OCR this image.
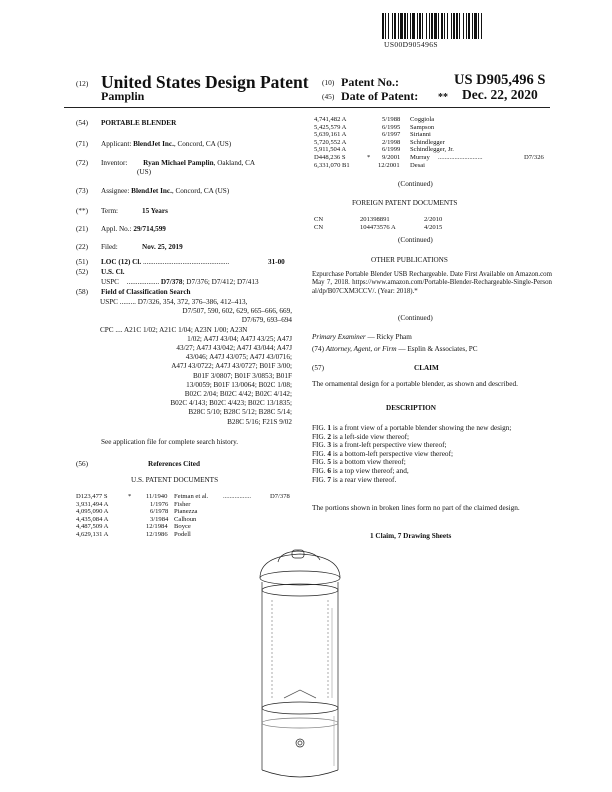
US00D905496S
(12) United States Design Patent
Pamplin
(10) Patent No.:	US D905,496 S
(45) Date of Patent: ** Dec. 22, 2020
(54) PORTABLE BLENDER
(71) Applicant: BlendJet Inc., Concord, CA (US)
(72) Inventor: Ryan Michael Pamplin, Oakland, CA
(US)
(73) Assignee: BlendJet Inc., Concord, CA (US)
(**) Term:	15 Years
(21) Appl. No.: 29/714,599
(22) Filed:	Nov. 25, 2019
(51) LOC (12) Cl. ................................................	31-00
(52) U.S. Cl.
USPC .................. D7/378; D7/376; D7/412; D7/413
(58) Field of Classification Search
USPC ......... D7/326, 354, 372, 376–386, 412–413,
D7/507, 590, 602, 629, 665–666, 669,
D7/679, 693–694
CPC .... A21C 1/02; A21C 1/04; A23N 1/00; A23N
1/02; A47J 43/04; A47J 43/25; A47J
43/27; A47J 43/042; A47J 43/044; A47J
43/046; A47J 43/075; A47J 43/0716;
A47J 43/0722; A47J 43/0727; B01F 3/00;
B01F 3/0807; B01F 3/0853; B01F
13/0059; B01F 13/0064; B02C 1/08;
B02C 2/04; B02C 4/42; B02C 4/142;
B02C 4/143; B02C 4/423; B02C 13/1835;
B28C 5/10; B28C 5/12; B28C 5/14;
B28C 5/16; F21S 9/02
See application file for complete search history.
(56)	References Cited
U.S. PATENT DOCUMENTS
D123,477 S	* 11/1940 Fetman et al. .................	D7/378
3,931,494 A	1/1976 Fisher
4,095,090 A	6/1978 Pianezza
4,435,084 A	3/1984 Calhoun
4,487,509 A	12/1984 Boyce
4,629,131 A	12/1986 Podell
4,741,482 A	5/1988 Coggiola
5,425,579 A	6/1995 Sampson
5,639,161 A	6/1997 Sirianni
5,720,552 A	2/1998 Schindlegger
5,911,504 A	6/1999 Schindlegger, Jr.
D448,236 S	* 9/2001 Murray ...........................	D7/326
6,331,070 B1	12/2001 Desai
(Continued)
FOREIGN PATENT DOCUMENTS
CN	201398891	2/2010
CN	104473576 A	4/2015
(Continued)
OTHER PUBLICATIONS
Ezpurchase Portable Blender USB Rechargeable. Date First Available on Amazon.com May 7, 2018. https://www.amazon.com/Portable-Blender-Rechargeable-Single-Personal/dp/B07CXM3CCV/. (Year: 2018).*
(Continued)
Primary Examiner — Ricky Pham
(74) Attorney, Agent, or Firm — Esplin & Associates, PC
(57)	CLAIM
The ornamental design for a portable blender, as shown and described.
DESCRIPTION
FIG. 1 is a front view of a portable blender showing the new design;
FIG. 2 is a left-side view thereof;
FIG. 3 is a front-left perspective view thereof;
FIG. 4 is a bottom-left perspective view thereof;
FIG. 5 is a bottom view thereof;
FIG. 6 is a top view thereof; and,
FIG. 7 is a rear view thereof.
The portions shown in broken lines form no part of the claimed design.
1 Claim, 7 Drawing Sheets
